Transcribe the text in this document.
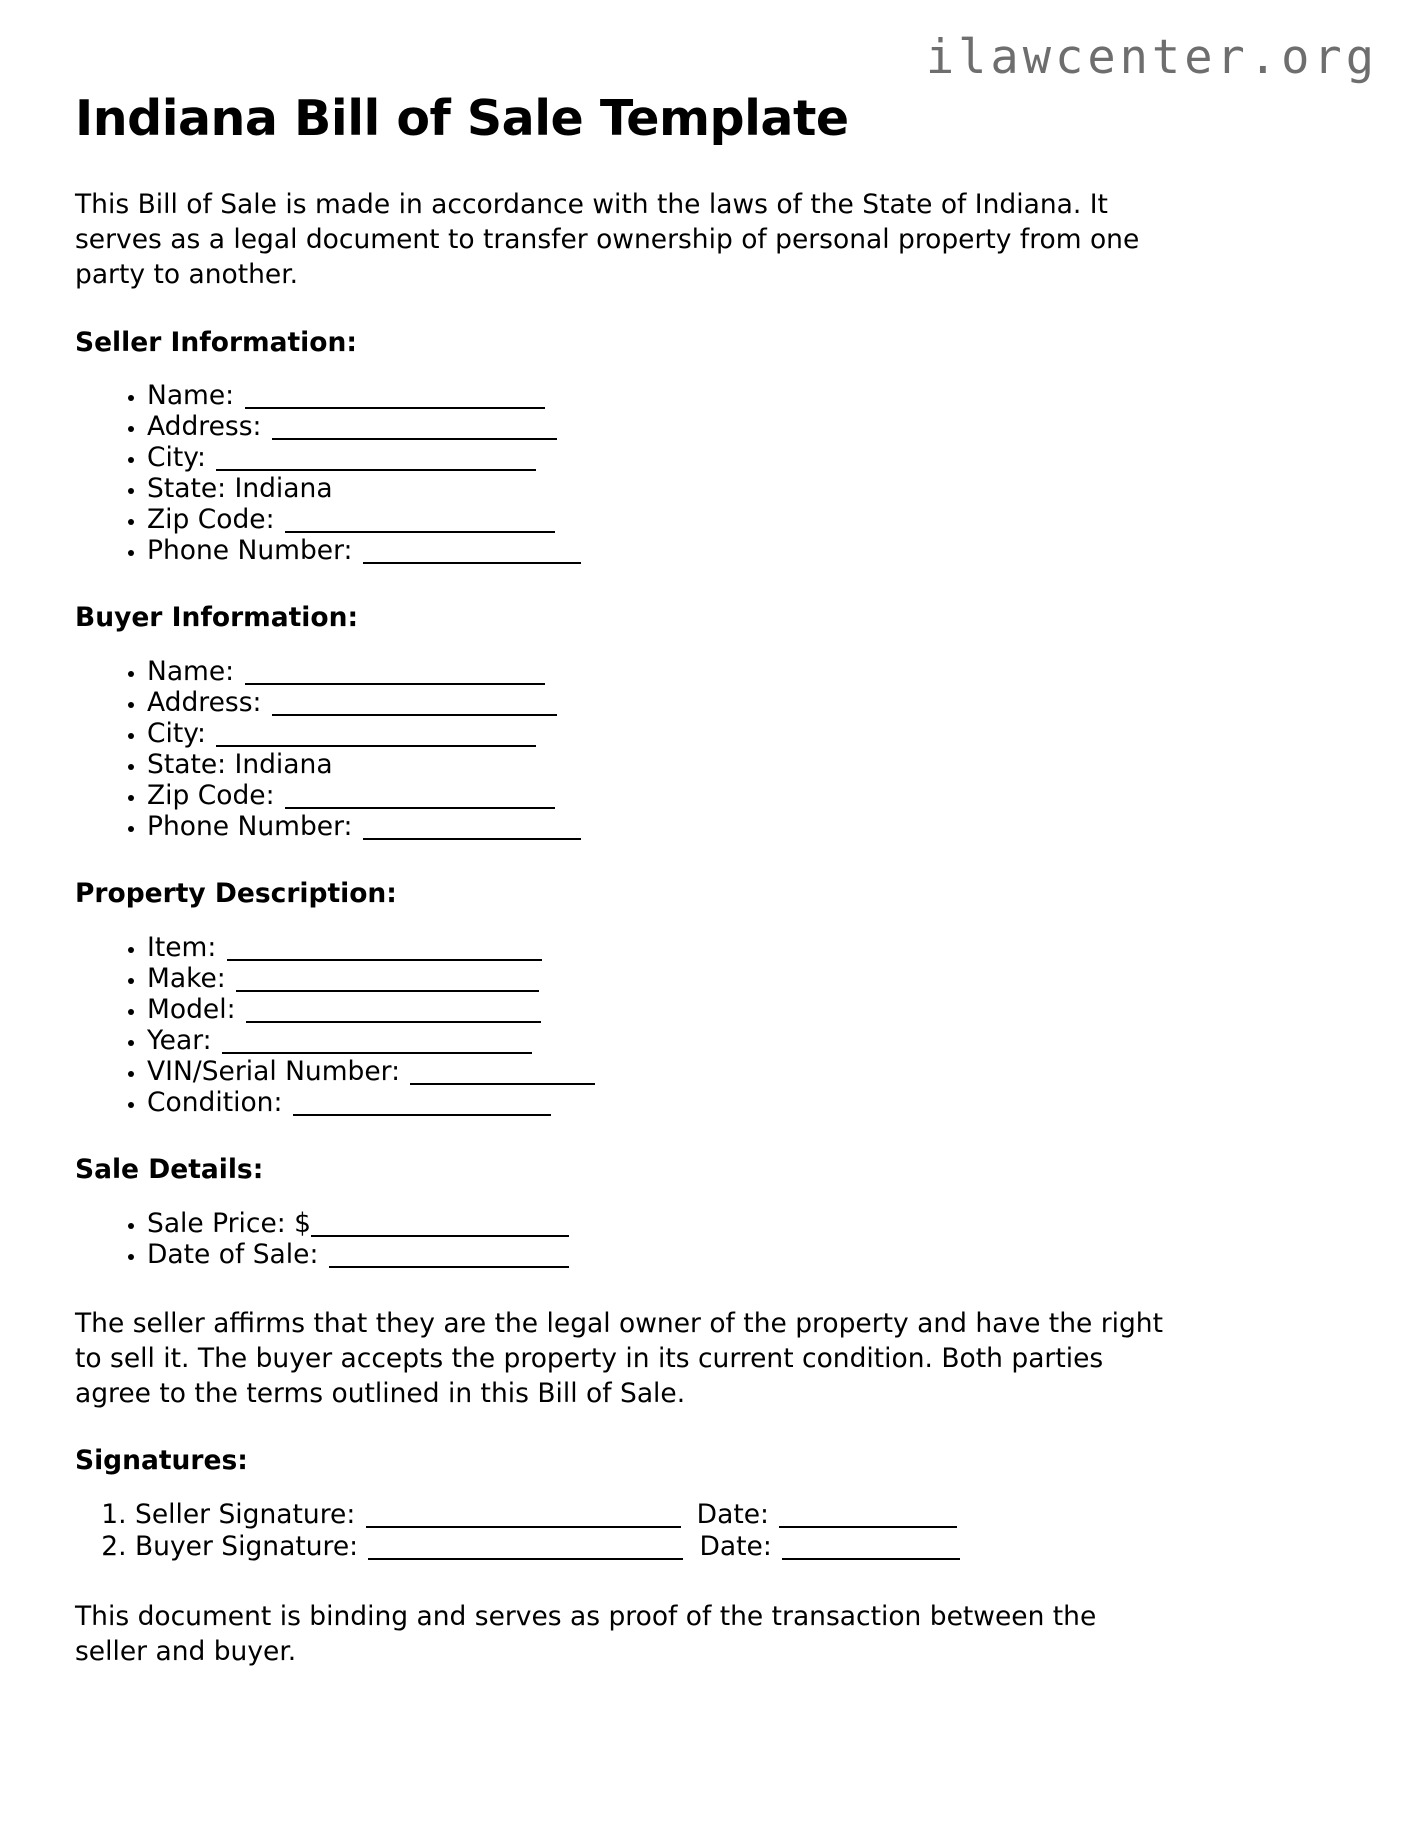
ilawcenter.org
Indiana Bill of Sale Template

This Bill of Sale is made in accordance with the laws of the State of Indiana. It serves as a legal document to transfer ownership of personal property from one party to another.

Seller Information:
• Name:
• Address:
• City:
• State: Indiana
• Zip Code:
• Phone Number:
Buyer Information:
• Name:
• Address:
• City:
• State: Indiana
• Zip Code:
• Phone Number:
Property Description:
• Item:
• Make:
• Model:
• Year:
• VIN/Serial Number:
• Condition:
Sale Details:
• Sale Price: $
• Date of Sale:

The seller affirms that they are the legal owner of the property and have the right to sell it. The buyer accepts the property in its current condition. Both parties agree to the terms outlined in this Bill of Sale.

Signatures:
1. Seller Signature:	Date:
2. Buyer Signature:	Date:

This document is binding and serves as proof of the transaction between the seller and buyer.
